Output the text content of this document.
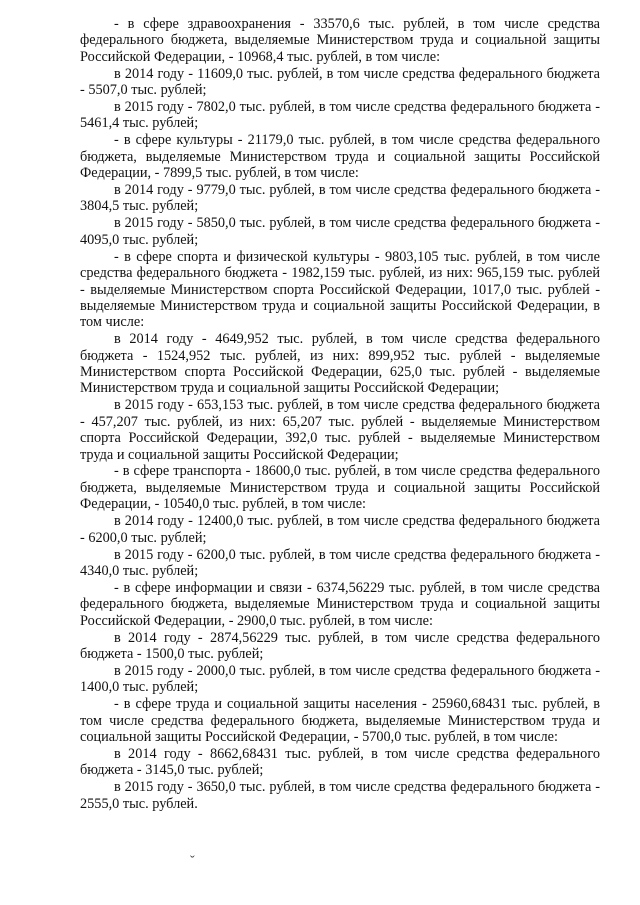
- в сфере здравоохранения - 33570,6 тыс. рублей, в том числе средства федерального бюджета, выделяемые Министерством труда и социальной защиты Российской Федерации, - 10968,4 тыс. рублей, в том числе:

в 2014 году - 11609,0 тыс. рублей, в том числе средства федерального бюджета - 5507,0 тыс. рублей;

в 2015 году - 7802,0 тыс. рублей, в том числе средства федерального бюджета - 5461,4 тыс. рублей;

- в сфере культуры - 21179,0 тыс. рублей, в том числе средства федерального бюджета, выделяемые Министерством труда и социальной защиты Российской Федерации, - 7899,5 тыс. рублей, в том числе:

в 2014 году - 9779,0 тыс. рублей, в том числе средства федерального бюджета - 3804,5 тыс. рублей;

в 2015 году - 5850,0 тыс. рублей, в том числе средства федерального бюджета - 4095,0 тыс. рублей;

- в сфере спорта и физической культуры - 9803,105 тыс. рублей, в том числе средства федерального бюджета - 1982,159 тыс. рублей, из них: 965,159 тыс. рублей - выделяемые Министерством спорта Российской Федерации, 1017,0 тыс. рублей - выделяемые Министерством труда и социальной защиты Российской Федерации, в том числе:

в 2014 году - 4649,952 тыс. рублей, в том числе средства федерального бюджета - 1524,952 тыс. рублей, из них: 899,952 тыс. рублей - выделяемые Министерством спорта Российской Федерации, 625,0 тыс. рублей - выделяемые Министерством труда и социальной защиты Российской Федерации;

в 2015 году - 653,153 тыс. рублей, в том числе средства федерального бюджета - 457,207 тыс. рублей, из них: 65,207 тыс. рублей - выделяемые Министерством спорта Российской Федерации, 392,0 тыс. рублей - выделяемые Министерством труда и социальной защиты Российской Федерации;

- в сфере транспорта - 18600,0 тыс. рублей, в том числе средства федерального бюджета, выделяемые Министерством труда и социальной защиты Российской Федерации, - 10540,0 тыс. рублей, в том числе:

в 2014 году - 12400,0 тыс. рублей, в том числе средства федерального бюджета - 6200,0 тыс. рублей;

в 2015 году - 6200,0 тыс. рублей, в том числе средства федерального бюджета - 4340,0 тыс. рублей;

- в сфере информации и связи - 6374,56229 тыс. рублей, в том числе средства федерального бюджета, выделяемые Министерством труда и социальной защиты Российской Федерации, - 2900,0 тыс. рублей, в том числе:

в 2014 году - 2874,56229 тыс. рублей, в том числе средства федерального бюджета - 1500,0 тыс. рублей;

в 2015 году - 2000,0 тыс. рублей, в том числе средства федерального бюджета - 1400,0 тыс. рублей;

- в сфере труда и социальной защиты населения - 25960,68431 тыс. рублей, в том числе средства федерального бюджета, выделяемые Министерством труда и социальной защиты Российской Федерации, - 5700,0 тыс. рублей, в том числе:

в 2014 году - 8662,68431 тыс. рублей, в том числе средства федерального бюджета - 3145,0 тыс. рублей;

в 2015 году - 3650,0 тыс. рублей, в том числе средства федерального бюджета - 2555,0 тыс. рублей.

ˇ
